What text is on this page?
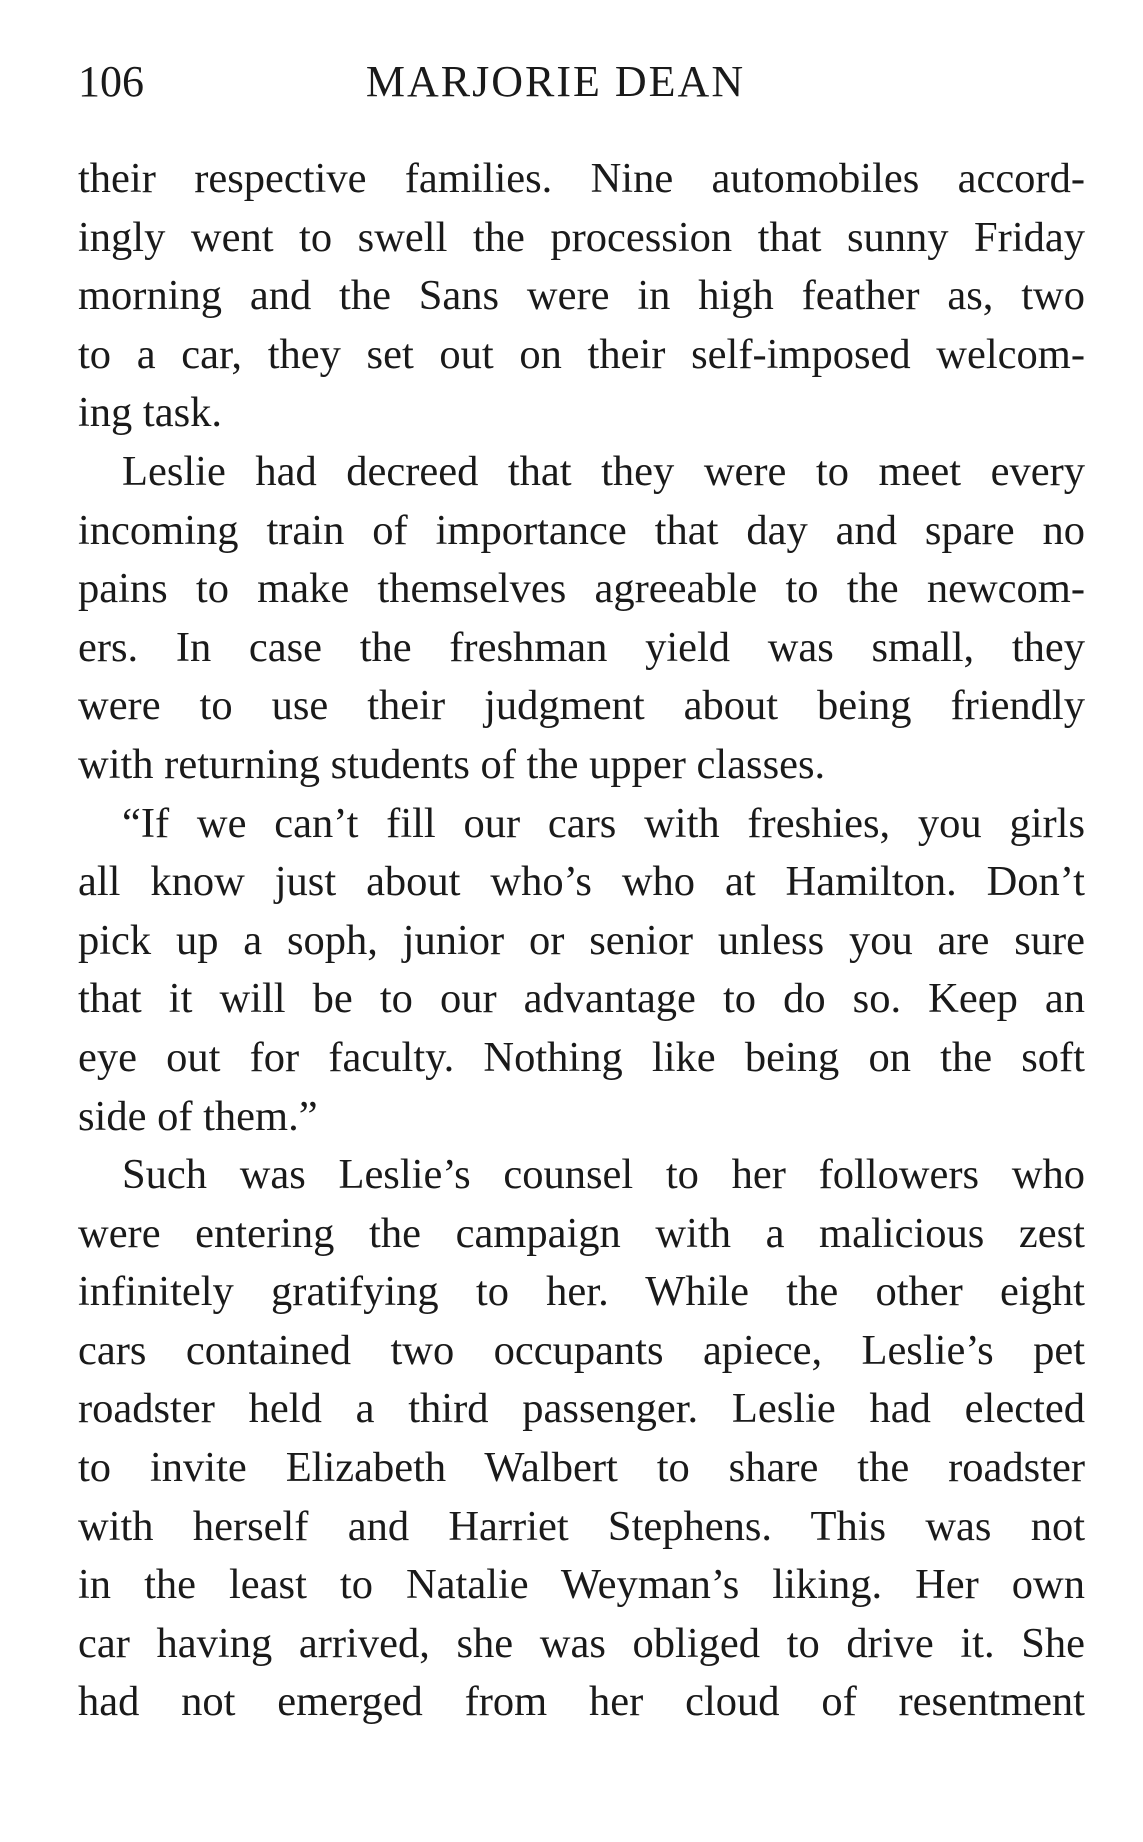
106	MARJORIE DEAN
their respective families. Nine automobiles accord-
ingly went to swell the procession that sunny Friday
morning and the Sans were in high feather as, two
to a car, they set out on their self-imposed welcom-
ing task.
Leslie had decreed that they were to meet every
incoming train of importance that day and spare no
pains to make themselves agreeable to the newcom-
ers. In case the freshman yield was small, they
were to use their judgment about being friendly
with returning students of the upper classes.
“If we can’t fill our cars with freshies, you girls
all know just about who’s who at Hamilton. Don’t
pick up a soph, junior or senior unless you are sure
that it will be to our advantage to do so. Keep an
eye out for faculty. Nothing like being on the soft
side of them.”
Such was Leslie’s counsel to her followers who
were entering the campaign with a malicious zest
infinitely gratifying to her. While the other eight
cars contained two occupants apiece, Leslie’s pet
roadster held a third passenger. Leslie had elected
to invite Elizabeth Walbert to share the roadster
with herself and Harriet Stephens. This was not
in the least to Natalie Weyman’s liking. Her own
car having arrived, she was obliged to drive it. She
had not emerged from her cloud of resentment
